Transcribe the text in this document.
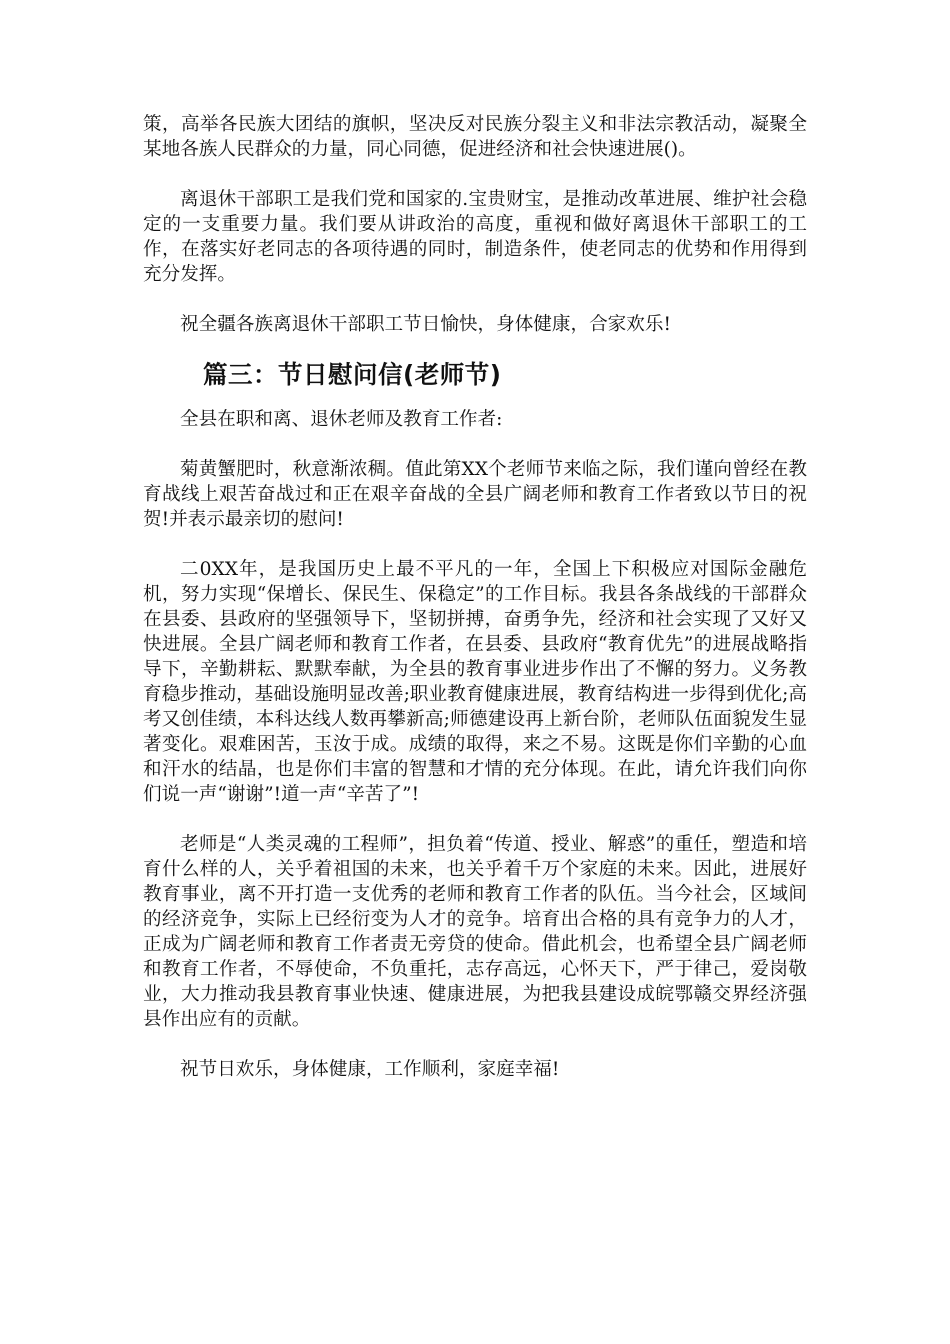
策，高举各民族大团结的旗帜，坚决反对民族分裂主义和非法宗教活动，凝聚全某地各族人民群众的力量，同心同德，促进经济和社会快速进展()。

离退休干部职工是我们党和国家的.宝贵财宝，是推动改革进展、维护社会稳定的一支重要力量。我们要从讲政治的高度，重视和做好离退休干部职工的工作，在落实好老同志的各项待遇的同时，制造条件，使老同志的优势和作用得到充分发挥。

祝全疆各族离退休干部职工节日愉快，身体健康，合家欢乐!

篇三：节日慰问信(老师节)

全县在职和离、退休老师及教育工作者:

菊黄蟹肥时，秋意渐浓稠。值此第XX个老师节来临之际，我们谨向曾经在教育战线上艰苦奋战过和正在艰辛奋战的全县广阔老师和教育工作者致以节日的祝贺!并表示最亲切的慰问!

二0XX年，是我国历史上最不平凡的一年，全国上下积极应对国际金融危机，努力实现“保增长、保民生、保稳定”的工作目标。我县各条战线的干部群众在县委、县政府的坚强领导下，坚韧拼搏，奋勇争先，经济和社会实现了又好又快进展。全县广阔老师和教育工作者，在县委、县政府“教育优先”的进展战略指导下，辛勤耕耘、默默奉献，为全县的教育事业进步作出了不懈的努力。义务教育稳步推动，基础设施明显改善;职业教育健康进展，教育结构进一步得到优化;高考又创佳绩，本科达线人数再攀新高;师德建设再上新台阶，老师队伍面貌发生显著变化。艰难困苦，玉汝于成。成绩的取得，来之不易。这既是你们辛勤的心血和汗水的结晶，也是你们丰富的智慧和才情的充分体现。在此，请允许我们向你们说一声“谢谢”!道一声“辛苦了”!

老师是“人类灵魂的工程师”，担负着“传道、授业、解惑”的重任，塑造和培育什么样的人，关乎着祖国的未来，也关乎着千万个家庭的未来。因此，进展好教育事业，离不开打造一支优秀的老师和教育工作者的队伍。当今社会，区域间的经济竞争，实际上已经衍变为人才的竞争。培育出合格的具有竞争力的人才，正成为广阔老师和教育工作者责无旁贷的使命。借此机会，也希望全县广阔老师和教育工作者，不辱使命，不负重托，志存高远，心怀天下，严于律己，爱岗敬业，大力推动我县教育事业快速、健康进展，为把我县建设成皖鄂赣交界经济强县作出应有的贡献。

祝节日欢乐，身体健康，工作顺利，家庭幸福!
